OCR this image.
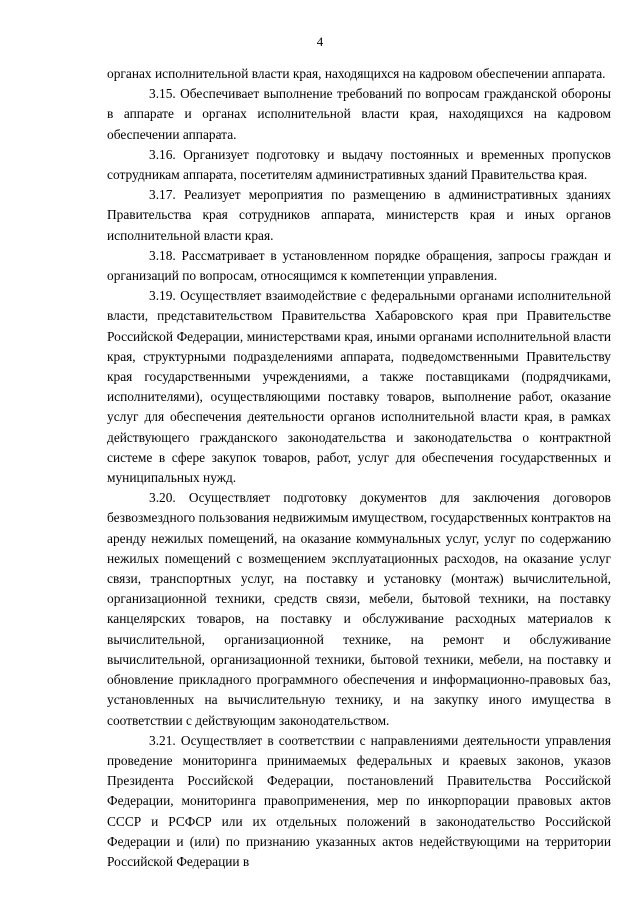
4

органах исполнительной власти края, находящихся на кадровом обеспечении аппарата.

3.15. Обеспечивает выполнение требований по вопросам гражданской обороны в аппарате и органах исполнительной власти края, находящихся на кадровом обеспечении аппарата.

3.16. Организует подготовку и выдачу постоянных и временных пропусков сотрудникам аппарата, посетителям административных зданий Правительства края.

3.17. Реализует мероприятия по размещению в административных зданиях Правительства края сотрудников аппарата, министерств края и иных органов исполнительной власти края.

3.18. Рассматривает в установленном порядке обращения, запросы граждан и организаций по вопросам, относящимся к компетенции управления.

3.19. Осуществляет взаимодействие с федеральными органами исполнительной власти, представительством Правительства Хабаровского края при Правительстве Российской Федерации, министерствами края, иными органами исполнительной власти края, структурными подразделениями аппарата, подведомственными Правительству края государственными учреждениями, а также поставщиками (подрядчиками, исполнителями), осуществляющими поставку товаров, выполнение работ, оказание услуг для обеспечения деятельности органов исполнительной власти края, в рамках действующего гражданского законодательства и законодательства о контрактной системе в сфере закупок товаров, работ, услуг для обеспечения государственных и муниципальных нужд.

3.20. Осуществляет подготовку документов для заключения договоров безвозмездного пользования недвижимым имуществом, государственных контрактов на аренду нежилых помещений, на оказание коммунальных услуг, услуг по содержанию нежилых помещений с возмещением эксплуатационных расходов, на оказание услуг связи, транспортных услуг, на поставку и установку (монтаж) вычислительной, организационной техники, средств связи, мебели, бытовой техники, на поставку канцелярских товаров, на поставку и обслуживание расходных материалов к вычислительной, организационной технике, на ремонт и обслуживание вычислительной, организационной техники, бытовой техники, мебели, на поставку и обновление прикладного программного обеспечения и информационно-правовых баз, установленных на вычислительную технику, и на закупку иного имущества в соответствии с действующим законодательством.

3.21. Осуществляет в соответствии с направлениями деятельности управления проведение мониторинга принимаемых федеральных и краевых законов, указов Президента Российской Федерации, постановлений Правительства Российской Федерации, мониторинга правоприменения, мер по инкорпорации правовых актов СССР и РСФСР или их отдельных положений в законодательство Российской Федерации и (или) по признанию указанных актов недействующими на территории Российской Федерации в
